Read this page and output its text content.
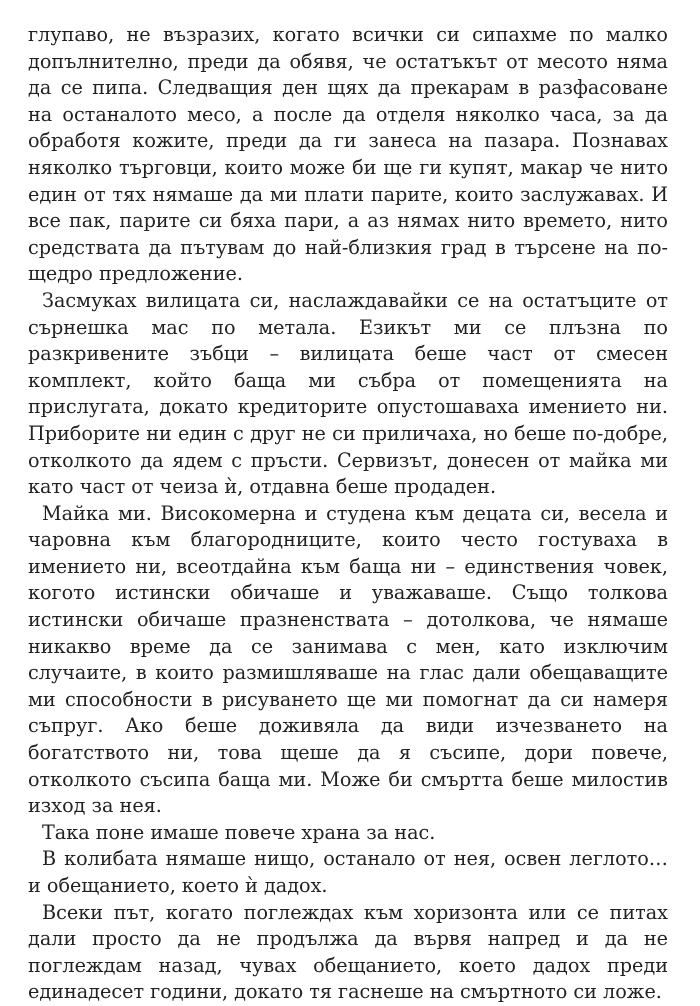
глупаво, не възразих, когато всички си сипахме по малко допълнително, преди да обявя, че остатъкът от месото няма да се пипа. Следващия ден щях да прекарам в разфасоване на останалото месо, а после да отделя няколко часа, за да обработя кожите, преди да ги занеса на пазара. Познавах няколко търговци, които може би ще ги купят, макар че нито един от тях нямаше да ми плати парите, които заслужавах. И все пак, парите си бяха пари, а аз нямах нито времето, нито средствата да пътувам до най-близкия град в търсене на по-щедро предложение.

Засмуках вилицата си, наслаждавайки се на остатъците от сърнешка мас по метала. Езикът ми се плъзна по разкривените зъбци – вилицата беше част от смесен комплект, който баща ми събра от помещенията на прислугата, докато кредиторите опустошаваха имението ни. Приборите ни един с друг не си приличаха, но беше по-добре, отколкото да ядем с пръсти. Сервизът, донесен от майка ми като част от чеиза ѝ, отдавна беше продаден.

Майка ми. Високомерна и студена към децата си, весела и чаровна към благородниците, които често гостуваха в имението ни, всеотдайна към баща ни – единствения човек, когото истински обичаше и уважаваше. Също толкова истински обичаше празненствата – дотолкова, че нямаше никакво време да се занимава с мен, като изключим случаите, в които размишляваше на глас дали обещаващите ми способности в рисуването ще ми помогнат да си намеря съпруг. Ако беше доживяла да види изчезването на богатството ни, това щеше да я съсипе, дори повече, отколкото съсипа баща ми. Може би смъртта беше милостив изход за нея.

Така поне имаше повече храна за нас.

В колибата нямаше нищо, останало от нея, освен леглото… и обещанието, което ѝ дадох.

Всеки път, когато поглеждах към хоризонта или се питах дали просто да не продължа да вървя напред и да не поглеждам назад, чувах обещанието, което дадох преди единадесет години, докато тя гаснеше на смъртното си ложе.
